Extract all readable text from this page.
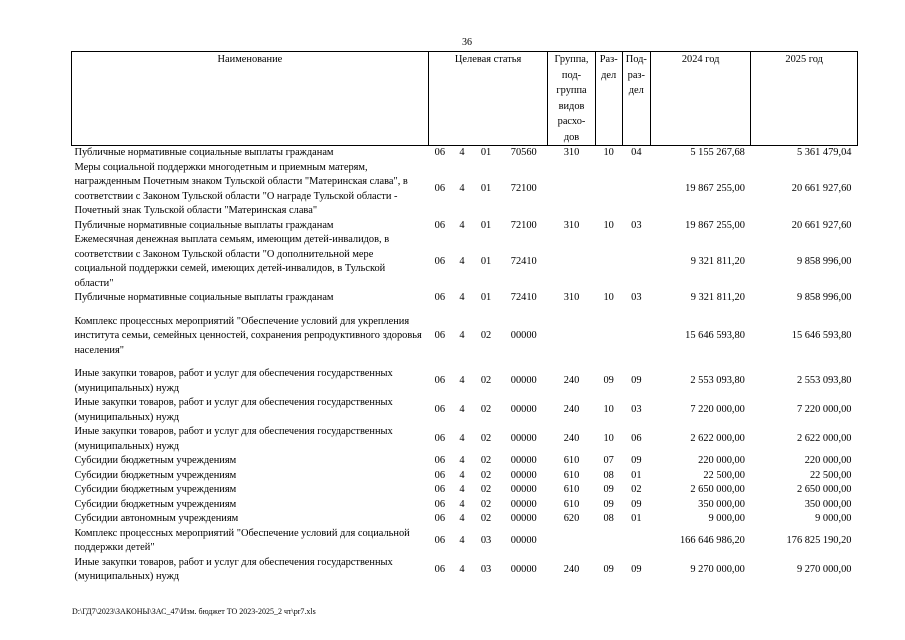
36
Наименование	Целевая статья				Группа, под- группа видов расхо- дов	Раз- дел	Под- раз- дел	2024 год	2025 год
Публичные нормативные социальные выплаты гражданам	06	4	01	70560	310	10	04	5 155 267,68	5 361 479,04
Меры социальной поддержки многодетным и приемным матерям, награжденным Почетным знаком Тульской области "Материнская слава", в соответствии с Законом Тульской области "О награде Тульской области - Почетный знак Тульской области "Материнская слава"	06	4	01	72100				19 867 255,00	20 661 927,60
Публичные нормативные социальные выплаты гражданам	06	4	01	72100	310	10	03	19 867 255,00	20 661 927,60
Ежемесячная денежная выплата семьям, имеющим детей-инвалидов, в соответствии с Законом Тульской области "О дополнительной мере социальной поддержки семей, имеющих детей-инвалидов, в Тульской области"	06	4	01	72410				9 321 811,20	9 858 996,00
Публичные нормативные социальные выплаты гражданам	06	4	01	72410	310	10	03	9 321 811,20	9 858 996,00
Комплекс процессных мероприятий "Обеспечение условий для укрепления института семьи, семейных ценностей, сохранения репродуктивного здоровья населения"	06	4	02	00000				15 646 593,80	15 646 593,80
Иные закупки товаров, работ и услуг для обеспечения государственных (муниципальных) нужд	06	4	02	00000	240	09	09	2 553 093,80	2 553 093,80
Иные закупки товаров, работ и услуг для обеспечения государственных (муниципальных) нужд	06	4	02	00000	240	10	03	7 220 000,00	7 220 000,00
Иные закупки товаров, работ и услуг для обеспечения государственных (муниципальных) нужд	06	4	02	00000	240	10	06	2 622 000,00	2 622 000,00
Субсидии бюджетным учреждениям	06	4	02	00000	610	07	09	220 000,00	220 000,00
Субсидии бюджетным учреждениям	06	4	02	00000	610	08	01	22 500,00	22 500,00
Субсидии бюджетным учреждениям	06	4	02	00000	610	09	02	2 650 000,00	2 650 000,00
Субсидии бюджетным учреждениям	06	4	02	00000	610	09	09	350 000,00	350 000,00
Субсидии автономным учреждениям	06	4	02	00000	620	08	01	9 000,00	9 000,00
Комплекс процессных мероприятий "Обеспечение условий для социальной поддержки детей"	06	4	03	00000				166 646 986,20	176 825 190,20
Иные закупки товаров, работ и услуг для обеспечения государственных (муниципальных) нужд	06	4	03	00000	240	09	09	9 270 000,00	9 270 000,00
D:\ГД7\2023\ЗАКОНЫ\ЗАС_47\Изм. бюджет ТО 2023-2025_2 чт\pr7.xls
